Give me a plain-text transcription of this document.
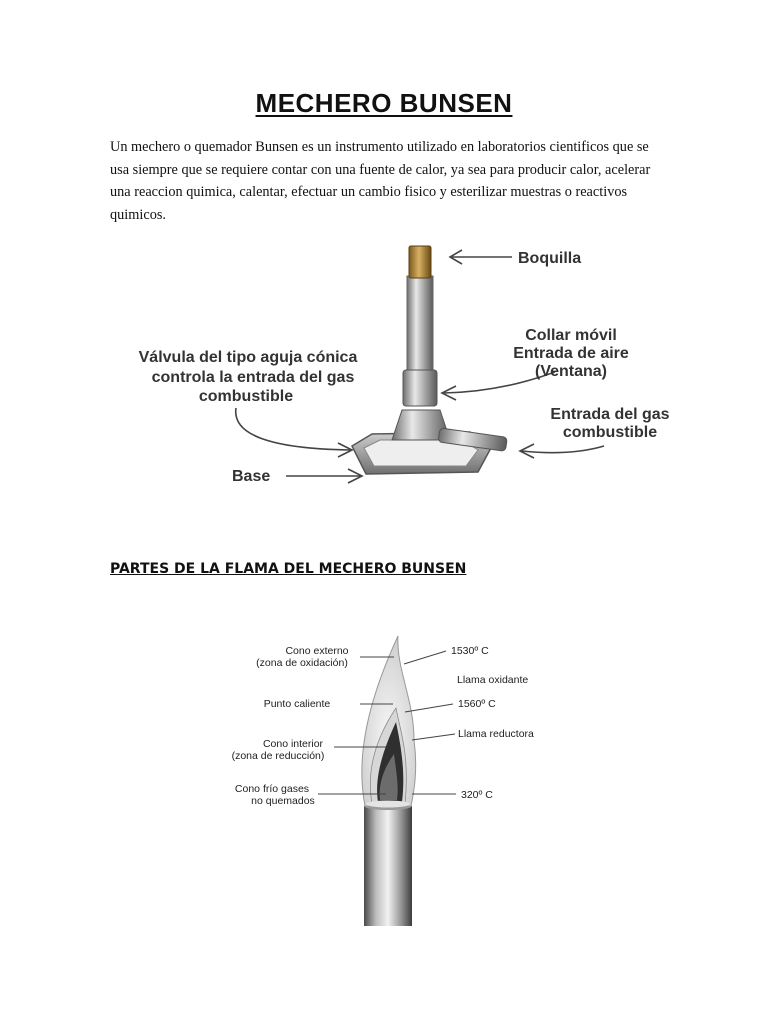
MECHERO BUNSEN

Un mechero o quemador Bunsen es un instrumento utilizado en laboratorios cientificos que se usa siempre que se requiere contar con una fuente de calor, ya sea para producir calor, acelerar una reaccion quimica, calentar, efectuar un cambio fisico y esterilizar muestras o reactivos quimicos.

Boquilla
Collar móvil
Entrada de aire
(Ventana)
Válvula del tipo aguja cónica
controla la entrada del gas
combustible
Entrada del gas
combustible
Base
PARTES DE LA FLAMA DEL MECHERO BUNSEN
Cono externo
(zona de oxidación)
Punto caliente
Cono interior
(zona de reducción)
Cono frío gases
no quemados
1530º C
Llama oxidante
1560º C
Llama reductora
320º C
